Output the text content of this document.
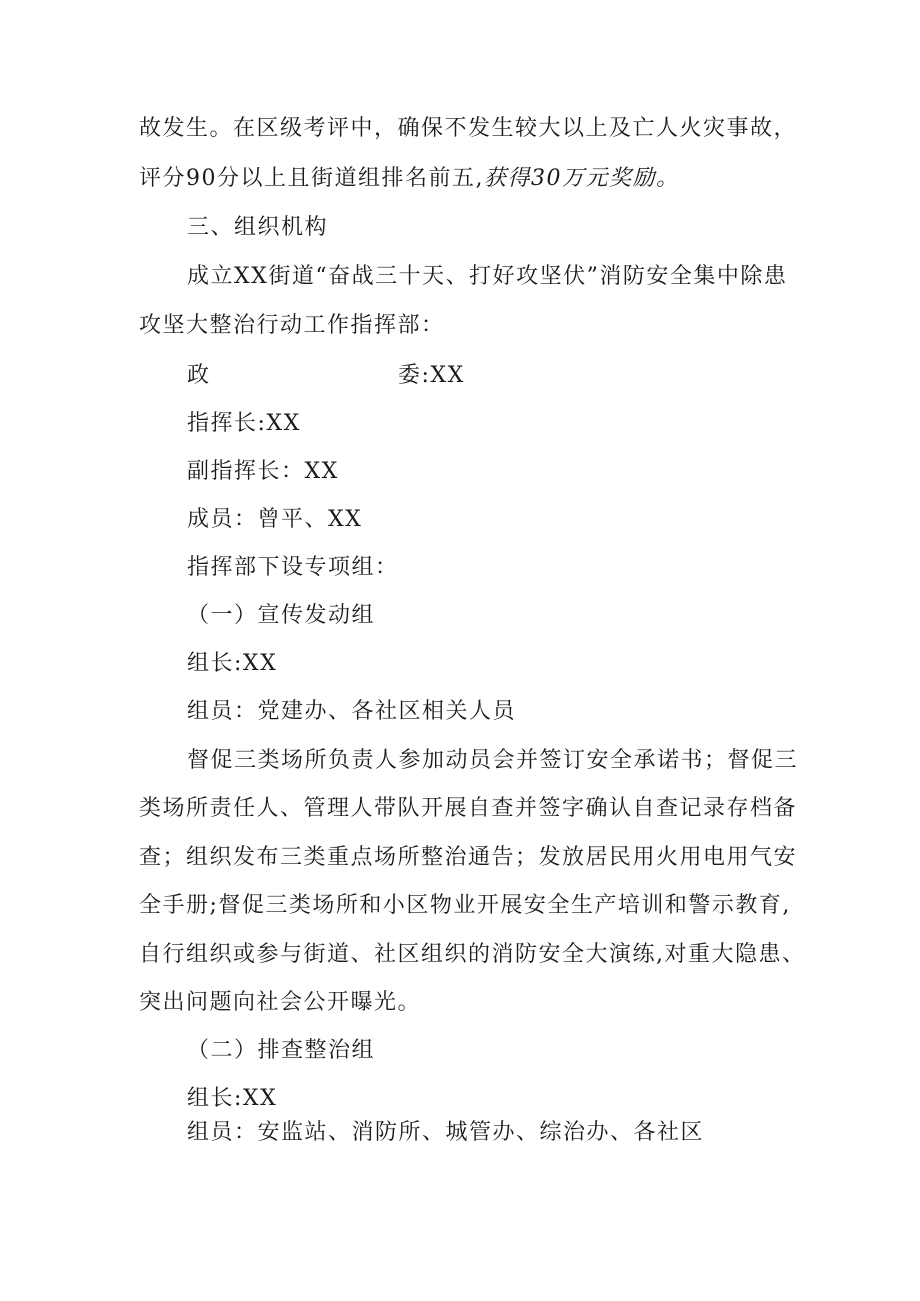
故发生。在区级考评中，确保不发生较大以上及亡人火灾事故，
评分90分以上且街道组排名前五,获得30万元奖励。
三、组织机构
成立XX街道“奋战三十天、打好攻坚伏”消防安全集中除患
攻坚大整治行动工作指挥部：
政	委:XX
指挥长:XX
副指挥长：XX
成员：曾平、XX
指挥部下设专项组：
（一）宣传发动组
组长:XX
组员：党建办、各社区相关人员
督促三类场所负责人参加动员会并签订安全承诺书；督促三
类场所责任人、管理人带队开展自查并签字确认自查记录存档备
查；组织发布三类重点场所整治通告；发放居民用火用电用气安
全手册;督促三类场所和小区物业开展安全生产培训和警示教育,
自行组织或参与街道、社区组织的消防安全大演练,对重大隐患、
突出问题向社会公开曝光。
（二）排查整治组
组长:XX
组员：安监站、消防所、城管办、综治办、各社区
